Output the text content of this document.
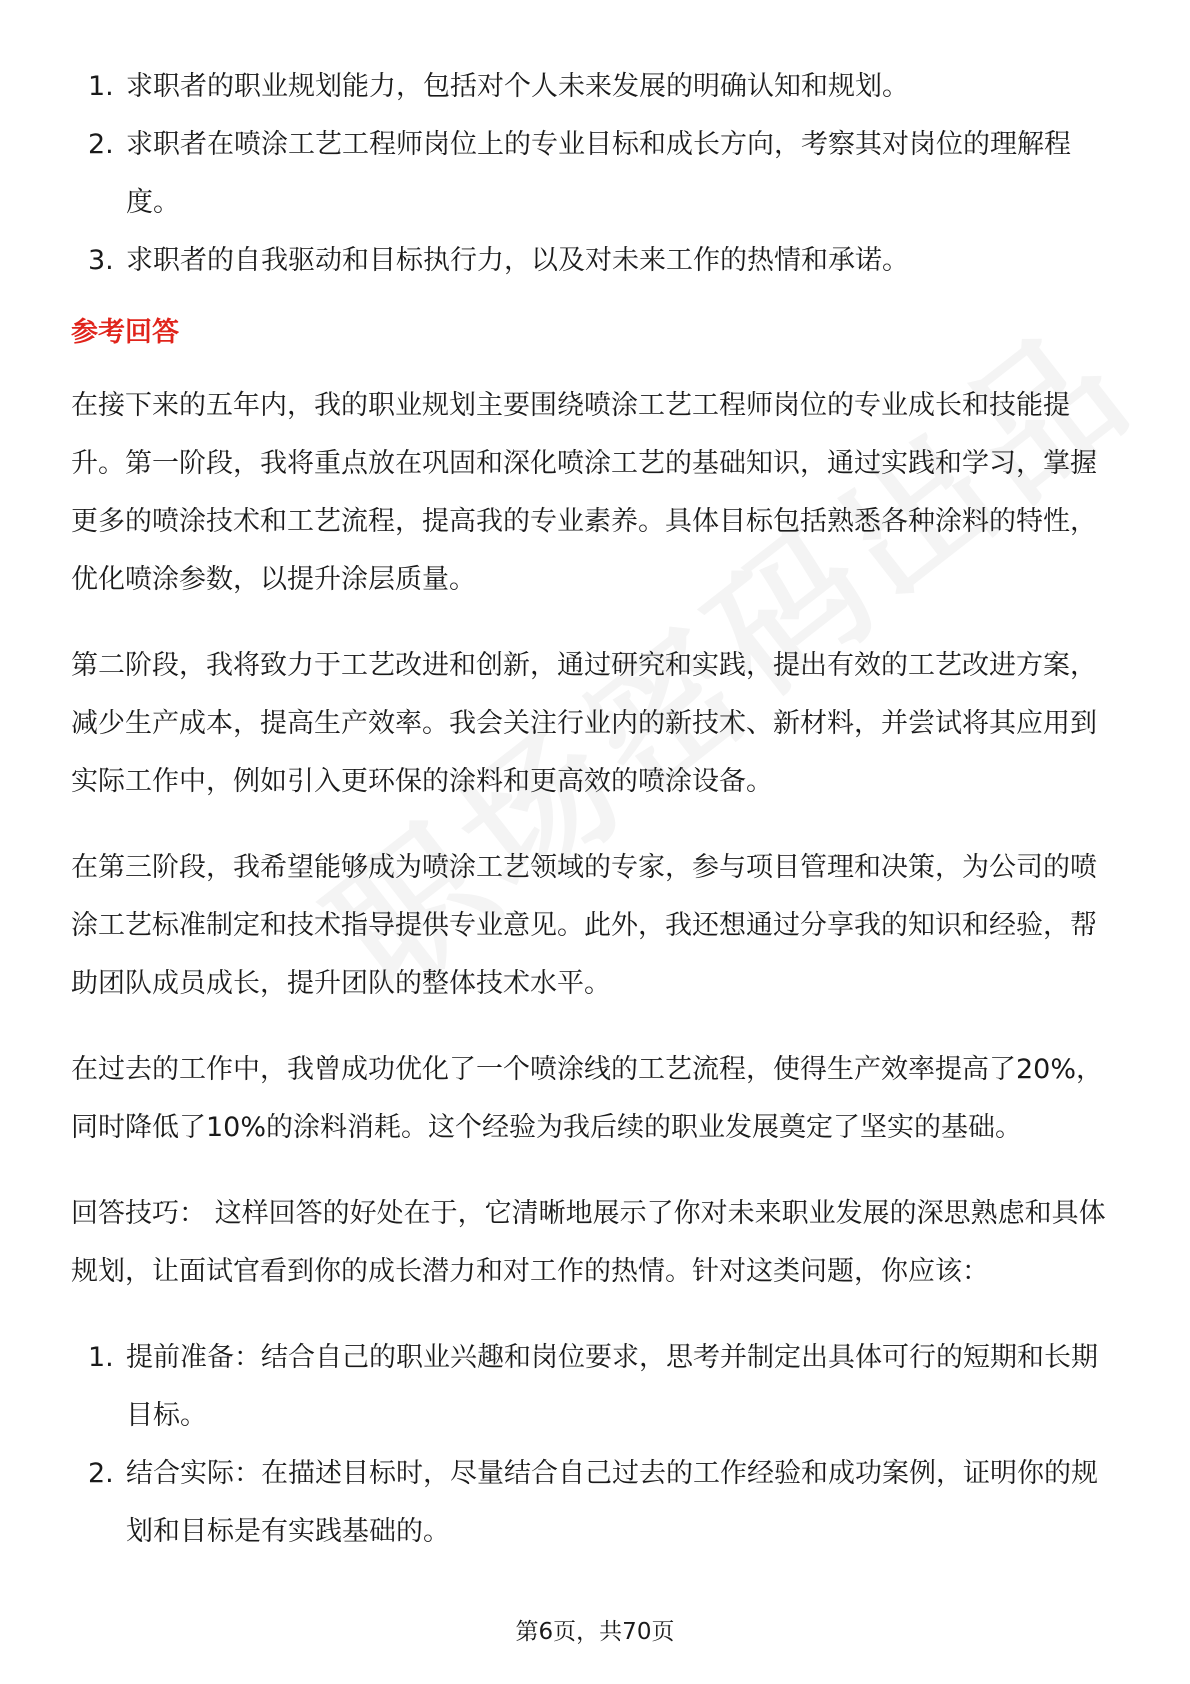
1. 求职者的职业规划能力，包括对个人未来发展的明确认知和规划。
2. 求职者在喷涂工艺工程师岗位上的专业目标和成长方向，考察其对岗位的理解程度。
3. 求职者的自我驱动和目标执行力，以及对未来工作的热情和承诺。
参考回答

在接下来的五年内，我的职业规划主要围绕喷涂工艺工程师岗位的专业成长和技能提升。第一阶段，我将重点放在巩固和深化喷涂工艺的基础知识，通过实践和学习，掌握更多的喷涂技术和工艺流程，提高我的专业素养。具体目标包括熟悉各种涂料的特性，优化喷涂参数，以提升涂层质量。

第二阶段，我将致力于工艺改进和创新，通过研究和实践，提出有效的工艺改进方案，减少生产成本，提高生产效率。我会关注行业内的新技术、新材料，并尝试将其应用到实际工作中，例如引入更环保的涂料和更高效的喷涂设备。

在第三阶段，我希望能够成为喷涂工艺领域的专家，参与项目管理和决策，为公司的喷涂工艺标准制定和技术指导提供专业意见。此外，我还想通过分享我的知识和经验，帮助团队成员成长，提升团队的整体技术水平。

在过去的工作中，我曾成功优化了一个喷涂线的工艺流程，使得生产效率提高了20%，同时降低了10%的涂料消耗。这个经验为我后续的职业发展奠定了坚实的基础。

回答技巧： 这样回答的好处在于，它清晰地展示了你对未来职业发展的深思熟虑和具体规划，让面试官看到你的成长潜力和对工作的热情。针对这类问题，你应该：

1. 提前准备：结合自己的职业兴趣和岗位要求，思考并制定出具体可行的短期和长期目标。
2. 结合实际：在描述目标时，尽量结合自己过去的工作经验和成功案例，证明你的规划和目标是有实践基础的。
第6页，共70页
